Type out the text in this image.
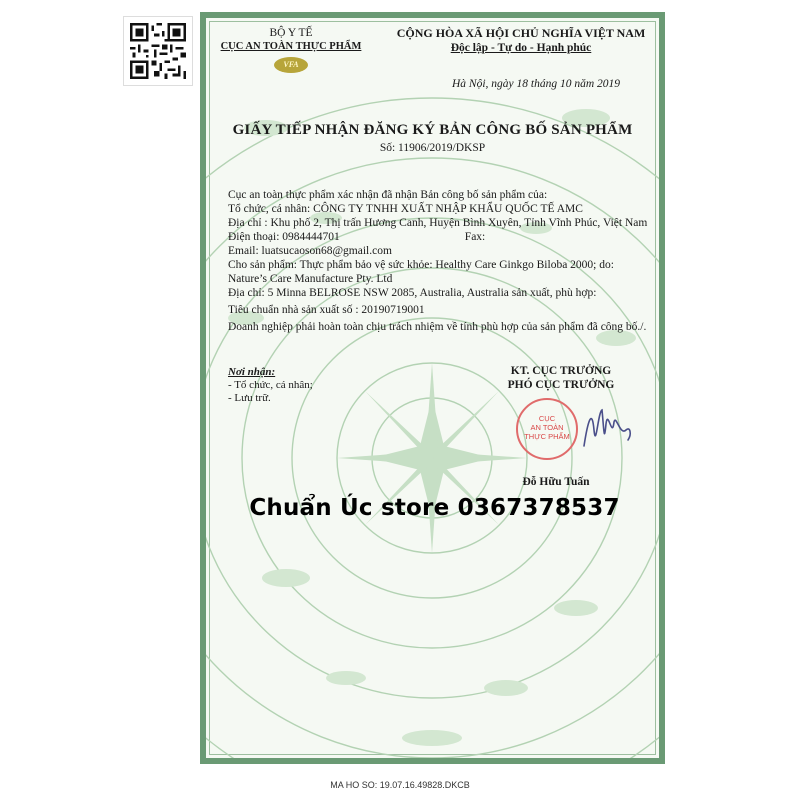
BỘ Y TẾ
CỤC AN TOÀN THỰC PHẨM
VFA
CỘNG HÒA XÃ HỘI CHỦ NGHĨA VIỆT NAM
Độc lập - Tự do - Hạnh phúc
Hà Nội, ngày 18 tháng 10 năm 2019
GIẤY TIẾP NHẬN ĐĂNG KÝ BẢN CÔNG BỐ SẢN PHẨM
Số: 11906/2019/DKSP

Cục an toàn thực phẩm xác nhận đã nhận Bản công bố sản phẩm của:

Tổ chức, cá nhân: CÔNG TY TNHH XUẤT NHẬP KHẨU QUỐC TẾ AMC

Địa chỉ : Khu phố 2, Thị trấn Hương Canh, Huyện Bình Xuyên, Tỉnh Vĩnh Phúc, Việt Nam

Điện thoại: 0984444701	Fax:

Email: luatsucaoson68@gmail.com

Cho sản phẩm: Thực phẩm bảo vệ sức khỏe: Healthy Care Ginkgo Biloba 2000; do: Nature’s Care Manufacture Pty. Ltd

Địa chỉ: 5 Minna BELROSE NSW 2085, Australia, Australia sản xuất, phù hợp:

Tiêu chuẩn nhà sản xuất số : 20190719001

Doanh nghiệp phải hoàn toàn chịu trách nhiệm về tính phù hợp của sản phẩm đã công bố./.

Nơi nhận:
- Tổ chức, cá nhân;
- Lưu trữ.
KT. CỤC TRƯỞNG
PHÓ CỤC TRƯỞNG
CỤC
AN TOÀN
THỰC PHẨM
Đỗ Hữu Tuấn
Chuẩn Úc store 0367378537
MA HO SO: 19.07.16.49828.DKCB
